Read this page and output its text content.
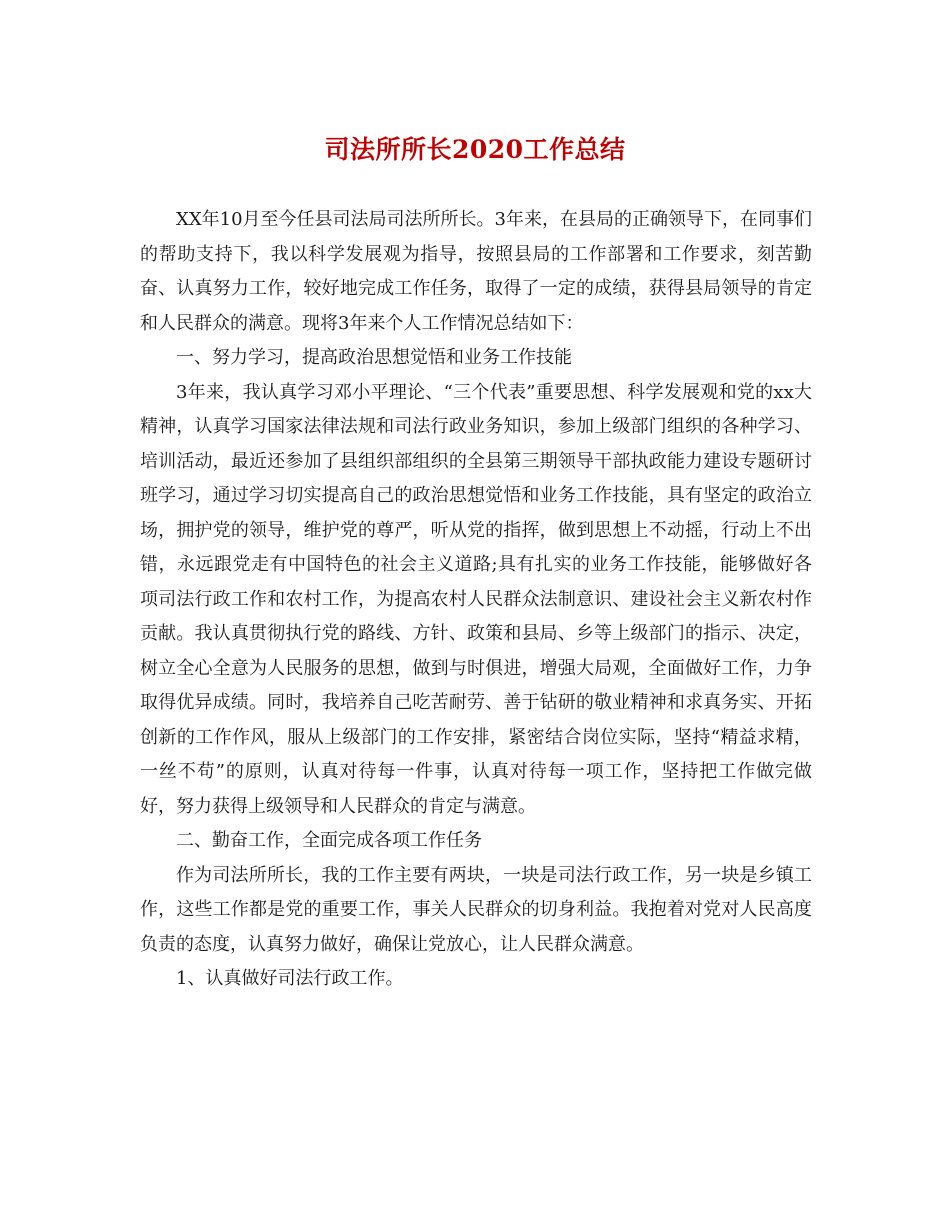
司法所所长2020工作总结

XX年10月至今任县司法局司法所所长。3年来，在县局的正确领导下，在同事们的帮助支持下，我以科学发展观为指导，按照县局的工作部署和工作要求，刻苦勤奋、认真努力工作，较好地完成工作任务，取得了一定的成绩，获得县局领导的肯定和人民群众的满意。现将3年来个人工作情况总结如下：

一、努力学习，提高政治思想觉悟和业务工作技能

3年来，我认真学习邓小平理论、“三个代表”重要思想、科学发展观和党的xx大精神，认真学习国家法律法规和司法行政业务知识，参加上级部门组织的各种学习、培训活动，最近还参加了县组织部组织的全县第三期领导干部执政能力建设专题研讨班学习，通过学习切实提高自己的政治思想觉悟和业务工作技能，具有坚定的政治立场，拥护党的领导，维护党的尊严，听从党的指挥，做到思想上不动摇，行动上不出错，永远跟党走有中国特色的社会主义道路;具有扎实的业务工作技能，能够做好各项司法行政工作和农村工作，为提高农村人民群众法制意识、建设社会主义新农村作贡献。我认真贯彻执行党的路线、方针、政策和县局、乡等上级部门的指示、决定，树立全心全意为人民服务的思想，做到与时俱进，增强大局观，全面做好工作，力争取得优异成绩。同时，我培养自己吃苦耐劳、善于钻研的敬业精神和求真务实、开拓创新的工作作风，服从上级部门的工作安排，紧密结合岗位实际，坚持“精益求精，一丝不苟”的原则，认真对待每一件事，认真对待每一项工作，坚持把工作做完做好，努力获得上级领导和人民群众的肯定与满意。

二、勤奋工作，全面完成各项工作任务

作为司法所所长，我的工作主要有两块，一块是司法行政工作，另一块是乡镇工作，这些工作都是党的重要工作，事关人民群众的切身利益。我抱着对党对人民高度负责的态度，认真努力做好，确保让党放心，让人民群众满意。

1、认真做好司法行政工作。
